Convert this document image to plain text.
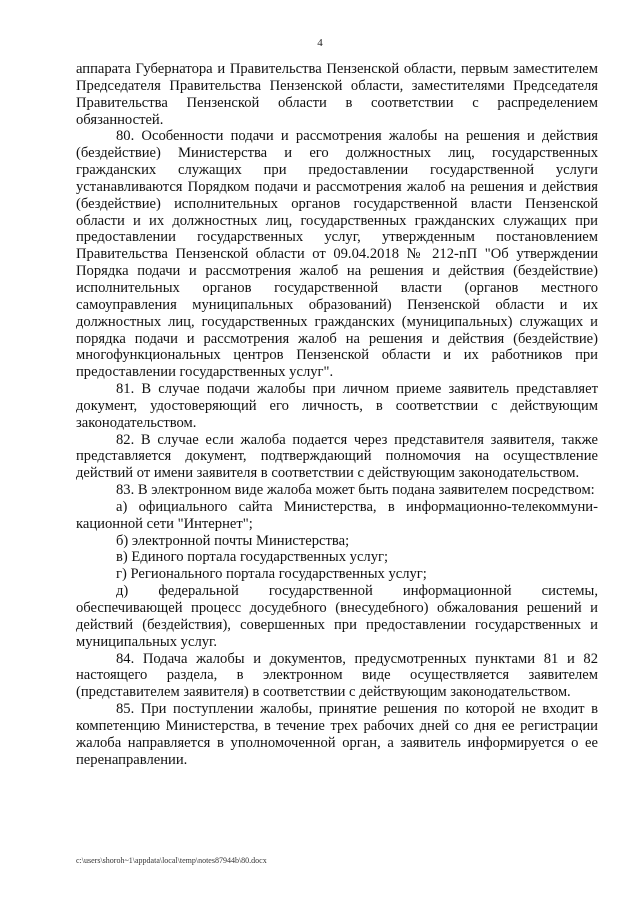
4

аппарата Губернатора и Правительства Пензенской области, первым заместителем Председателя Правительства Пензенской области, заместителями Председателя Правительства Пензенской области в соответствии с распределением обязанностей.

80. Особенности подачи и рассмотрения жалобы на решения и действия (бездействие) Министерства и его должностных лиц, государственных гражданских служащих при предоставлении государственной услуги устанавливаются Порядком подачи и рассмотрения жалоб на решения и действия (бездействие) исполнительных органов государственной власти Пензенской области и их должностных лиц, государственных гражданских служащих при предоставлении государственных услуг, утвержденным постановлением Правительства Пензенской области от 09.04.2018 № 212-пП "Об утверждении Порядка подачи и рассмотрения жалоб на решения и действия (бездействие) исполнительных органов государственной власти (органов местного самоуправления муниципальных образований) Пензенской области и их должностных лиц, государственных гражданских (муниципальных) служащих и порядка подачи и рассмотрения жалоб на решения и действия (бездействие) многофункциональных центров Пензенской области и их работников при предоставлении государственных услуг".

81. В случае подачи жалобы при личном приеме заявитель представляет документ, удостоверяющий его личность, в соответствии с действующим законодательством.

82. В случае если жалоба подается через представителя заявителя, также представляется документ, подтверждающий полномочия на осуществление действий от имени заявителя в соответствии с действующим законодательством.

83. В электронном виде жалоба может быть подана заявителем посредством:

а) официального сайта Министерства, в информационно-телекоммуникационной сети "Интернет";

б) электронной почты Министерства;

в) Единого портала государственных услуг;

г) Регионального портала государственных услуг;

д) федеральной государственной информационной системы, обеспечивающей процесс досудебного (внесудебного) обжалования решений и действий (бездействия), совершенных при предоставлении государственных и муниципальных услуг.

84. Подача жалобы и документов, предусмотренных пунктами 81 и 82 настоящего раздела, в электронном виде осуществляется заявителем (представителем заявителя) в соответствии с действующим законодательством.

85. При поступлении жалобы, принятие решения по которой не входит в компетенцию Министерства, в течение трех рабочих дней со дня ее регистрации жалоба направляется в уполномоченной орган, а заявитель информируется о ее перенаправлении.

c:\users\shoroh~1\appdata\local\temp\notes87944b\80.docx
